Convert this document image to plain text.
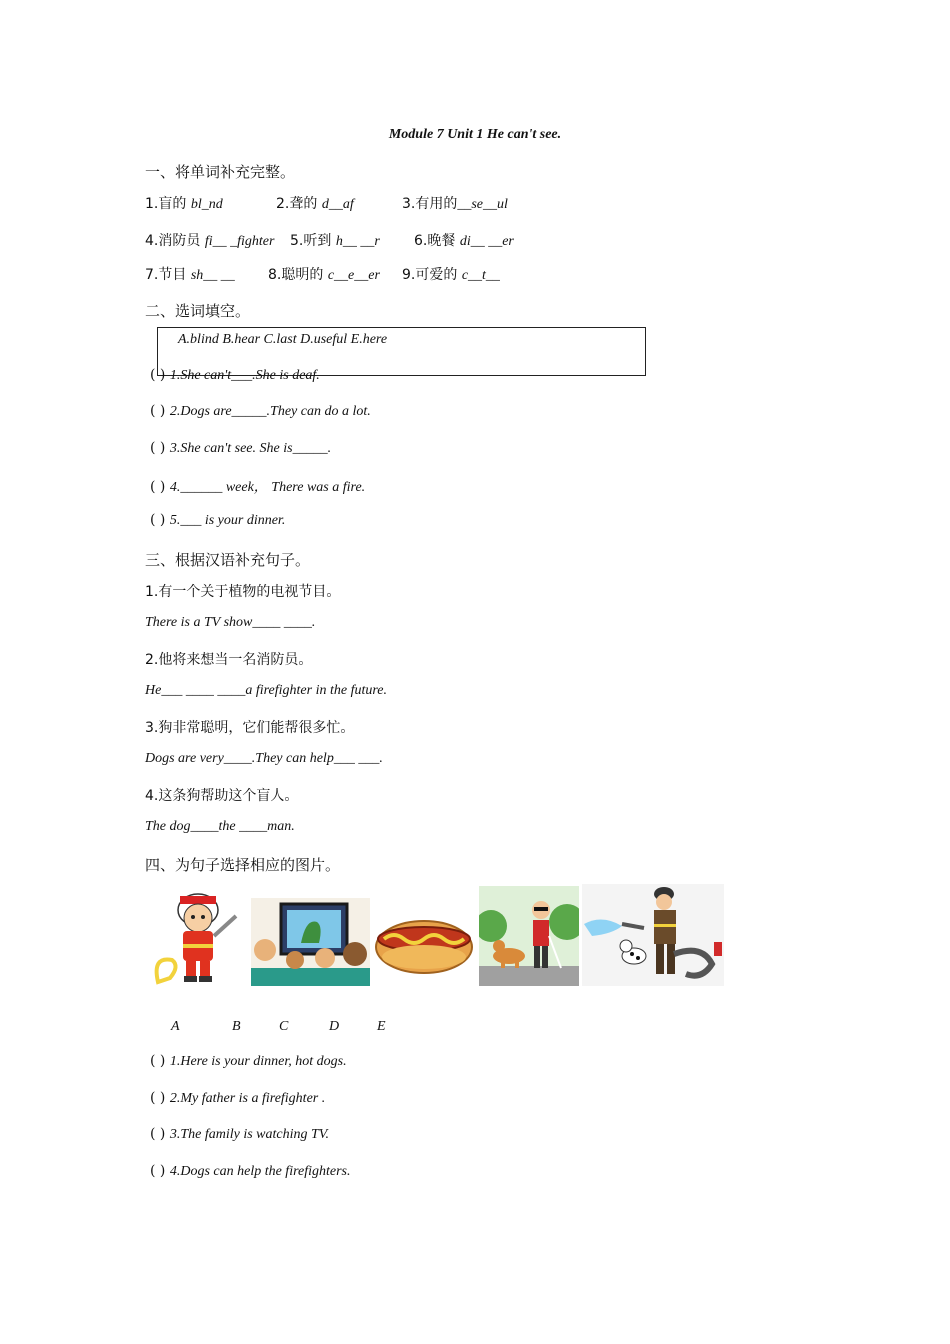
Module 7 Unit 1 He can't see.
一、将单词补充完整。
1.盲的 bl_nd	2.聋的 d__af	3.有用的__se__ul
4.消防员 fi__ _fighter 5.听到 h__ __r 6.晚餐 di__ __er
7.节目 sh__ __ 8.聪明的 c__e__er 9.可爱的 c__t__
二、选词填空。
A.blind B.hear C.last D.useful E.here
( ) 1.She can't___.She is deaf.
( ) 2.Dogs are_____.They can do a lot.
( ) 3.She can't see. She is_____.
( ) 4.______ week， There was a fire.
( ) 5.___ is your dinner.
三、根据汉语补充句子。
1.有一个关于植物的电视节目。
There is a TV show____ ____.
2.他将来想当一名消防员。
He___ ____ ____a firefighter in the future.
3.狗非常聪明，它们能帮很多忙。
Dogs are very____.They can help___ ___.
4.这条狗帮助这个盲人。
The dog____the ____man.
四、为句子选择相应的图片。
A	B	C	D	E
( ) 1.Here is your dinner, hot dogs.
( ) 2.My father is a firefighter .
( ) 3.The family is watching TV.
( ) 4.Dogs can help the firefighters.
